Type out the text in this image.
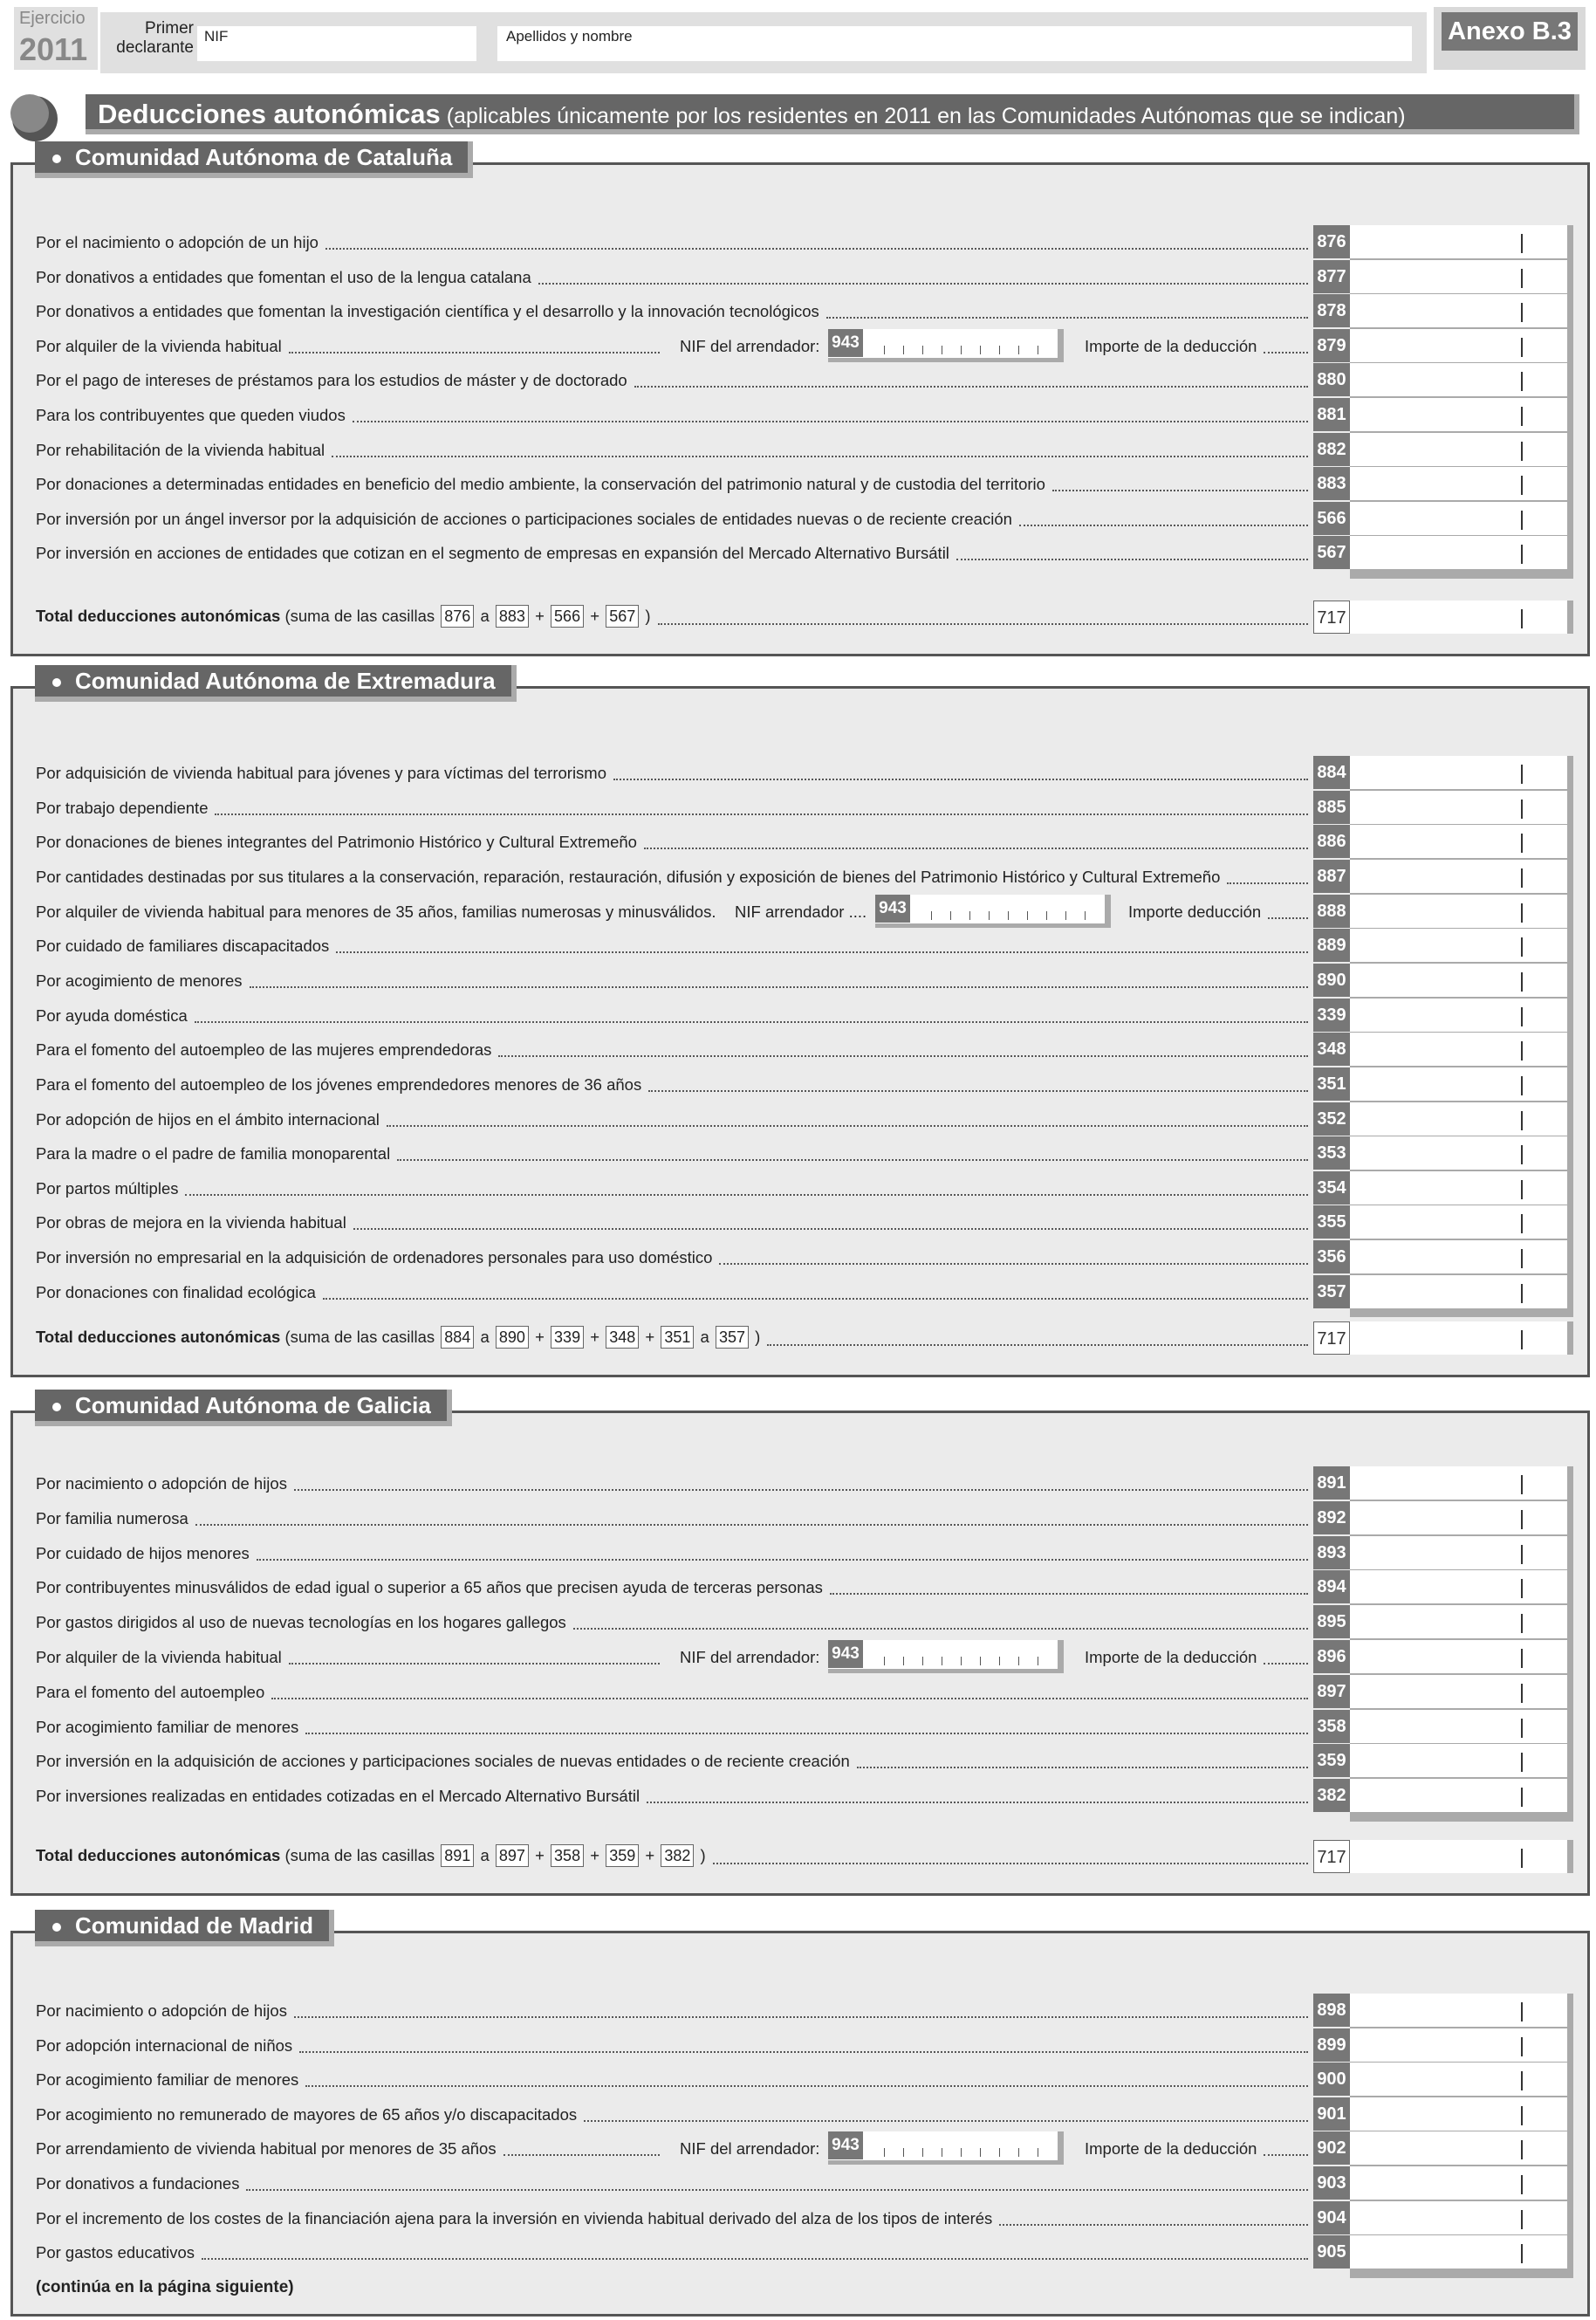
Ejercicio
2011
Primer declarante
NIF	Apellidos y nombre	Anexo B.3
Deducciones autonómicas (aplicables únicamente por los residentes en 2011 en las Comunidades Autónomas que se indican)
Por el nacimiento o adopción de un hijo	876
Por donativos a entidades que fomentan el uso de la lengua catalana	877
Por donativos a entidades que fomentan la investigación científica y el desarrollo y la innovación tecnológicos	878
Por alquiler de la vivienda habitual	NIF del arrendador: 943	Importe de la deducción	879
Por el pago de intereses de préstamos para los estudios de máster y de doctorado	880
Para los contribuyentes que queden viudos	881
Por rehabilitación de la vivienda habitual	882
Por donaciones a determinadas entidades en beneficio del medio ambiente, la conservación del patrimonio natural y de custodia del territorio	883
Por inversión por un ángel inversor por la adquisición de acciones o participaciones sociales de entidades nuevas o de reciente creación	566
Por inversión en acciones de entidades que cotizan en el segmento de empresas en expansión del Mercado Alternativo Bursátil	567
Total deducciones autonómicas (suma de las casillas 876 a 883 + 566 + 567 )	717
Por adquisición de vivienda habitual para jóvenes y para víctimas del terrorismo	884
Por trabajo dependiente	885
Por donaciones de bienes integrantes del Patrimonio Histórico y Cultural Extremeño	886
Por cantidades destinadas por sus titulares a la conservación, reparación, restauración, difusión y exposición de bienes del Patrimonio Histórico y Cultural Extremeño	887
Por alquiler de vivienda habitual para menores de 35 años, familias numerosas y minusválidos. NIF arrendador .... 943	Importe deducción	888
Por cuidado de familiares discapacitados	889
Por acogimiento de menores	890
Por ayuda doméstica	339
Para el fomento del autoempleo de las mujeres emprendedoras	348
Para el fomento del autoempleo de los jóvenes emprendedores menores de 36 años	351
Por adopción de hijos en el ámbito internacional	352
Para la madre o el padre de familia monoparental	353
Por partos múltiples	354
Por obras de mejora en la vivienda habitual	355
Por inversión no empresarial en la adquisición de ordenadores personales para uso doméstico	356
Por donaciones con finalidad ecológica	357
Total deducciones autonómicas (suma de las casillas 884 a 890 + 339 + 348 + 351 a 357 )	717
Por nacimiento o adopción de hijos	891
Por familia numerosa	892
Por cuidado de hijos menores	893
Por contribuyentes minusválidos de edad igual o superior a 65 años que precisen ayuda de terceras personas	894
Por gastos dirigidos al uso de nuevas tecnologías en los hogares gallegos	895
Por alquiler de la vivienda habitual	NIF del arrendador: 943	Importe de la deducción	896
Para el fomento del autoempleo	897
Por acogimiento familiar de menores	358
Por inversión en la adquisición de acciones y participaciones sociales de nuevas entidades o de reciente creación	359
Por inversiones realizadas en entidades cotizadas en el Mercado Alternativo Bursátil	382
Total deducciones autonómicas (suma de las casillas 891 a 897 + 358 + 359 + 382 )	717
Por nacimiento o adopción de hijos	898
Por adopción internacional de niños	899
Por acogimiento familiar de menores	900
Por acogimiento no remunerado de mayores de 65 años y/o discapacitados	901
Por arrendamiento de vivienda habitual por menores de 35 años	NIF del arrendador: 943	Importe de la deducción	902
Por donativos a fundaciones	903
Por el incremento de los costes de la financiación ajena para la inversión en vivienda habitual derivado del alza de los tipos de interés	904
Por gastos educativos	905
(continúa en la página siguiente)
Comunidad Autónoma de Cataluña
Comunidad Autónoma de Extremadura
Comunidad Autónoma de Galicia
Comunidad de Madrid
